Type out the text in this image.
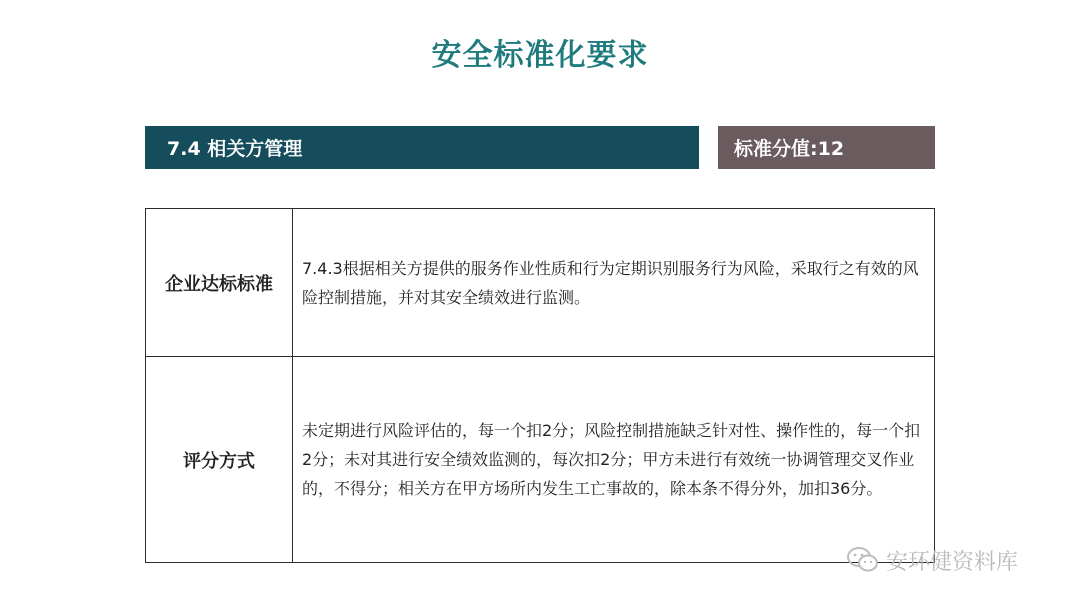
安全标准化要求
7.4 相关方管理	标准分值:12
企业达标标准
7.4.3根据相关方提供的服务作业性质和行为定期识别服务行为风险，采取行之有效的风险控制措施，并对其安全绩效进行监测。
评分方式
未定期进行风险评估的，每一个扣2分；风险控制措施缺乏针对性、操作性的，每一个扣2分；未对其进行安全绩效监测的，每次扣2分；甲方未进行有效统一协调管理交叉作业的，不得分；相关方在甲方场所内发生工亡事故的，除本条不得分外，加扣36分。
安环健资料库
